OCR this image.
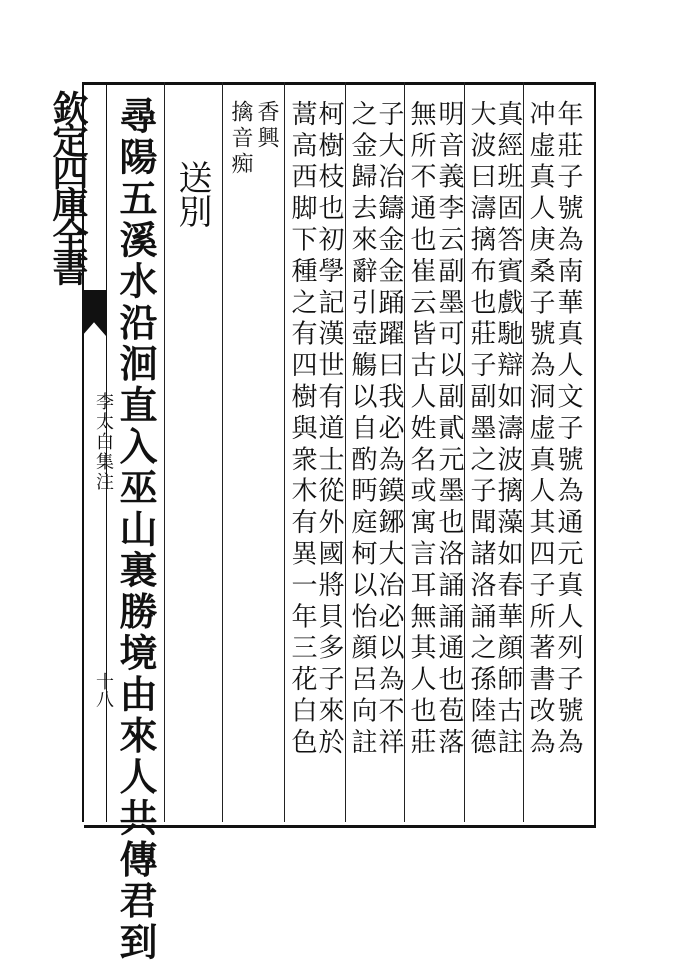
欽定四庫全書
李太白集注
十八 尋陽五溪水沿洄直入巫山裏勝境由來人共傳君到 送別
香興
擒音痴 柯樹枝也初學記漢世有道士從外國將貝多子來於
蒿高西脚下種之有四樹與衆木有異一年三花白色 子大冶鑄金金踊躍曰我必為鏌鋣大冶必以為不祥
之金歸去來辭引壺觴以自酌眄庭柯以怡顔呂向註 明音義李云副墨可以副貳元墨也洛誦誦通也苞落
無所不通也崔云皆古人姓名或寓言耳無其人也莊 真經班固答賓戲馳辯如濤波摛藻如春華顔師古註
大波曰濤摛布也莊子副墨之子聞諸洛誦之孫陸德 年莊子號為南華真人文子號為通元真人列子號為
冲虚真人庚桑子號為洞虚真人其四子所著書改為
